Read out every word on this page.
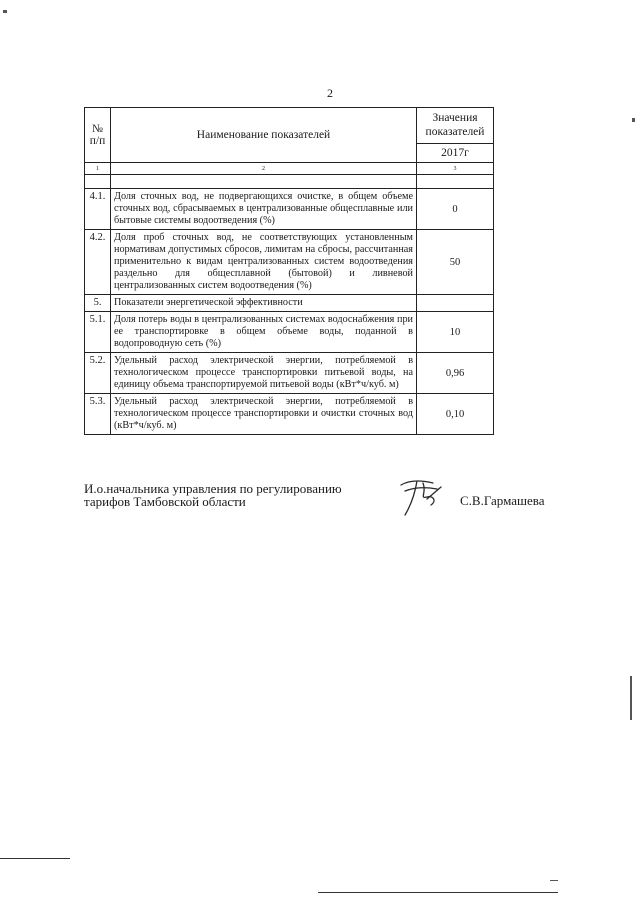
2
№ п/п	Наименование показателей	Значения показателей
		2017г
1	2	3

4.1.	Доля сточных вод, не подвергающихся очистке, в общем объеме сточных вод, сбрасываемых в централизованные общесплавные или бытовые системы водоотведения (%)	0
4.2.	Доля проб сточных вод, не соответствующих установленным нормативам допустимых сбросов, лимитам на сбросы, рассчитанная применительно к видам централизованных систем водоотведения раздельно для общесплавной (бытовой) и ливневой централизованных систем водоотведения (%)	50
5.	Показатели энергетической эффективности	
5.1.	Доля потерь воды в централизованных системах водоснабжения при ее транспортировке в общем объеме воды, поданной в водопроводную сеть (%)	10
5.2.	Удельный расход электрической энергии, потребляемой в технологическом процессе транспортировки питьевой воды, на единицу объема транспортируемой питьевой воды (кВт*ч/куб. м)	0,96
5.3.	Удельный расход электрической энергии, потребляемой в технологическом процессе транспортировки и очистки сточных вод (кВт*ч/куб. м)	0,10
И.о.начальника управления по регулированию
тарифов Тамбовской области	С.В.Гармашева
